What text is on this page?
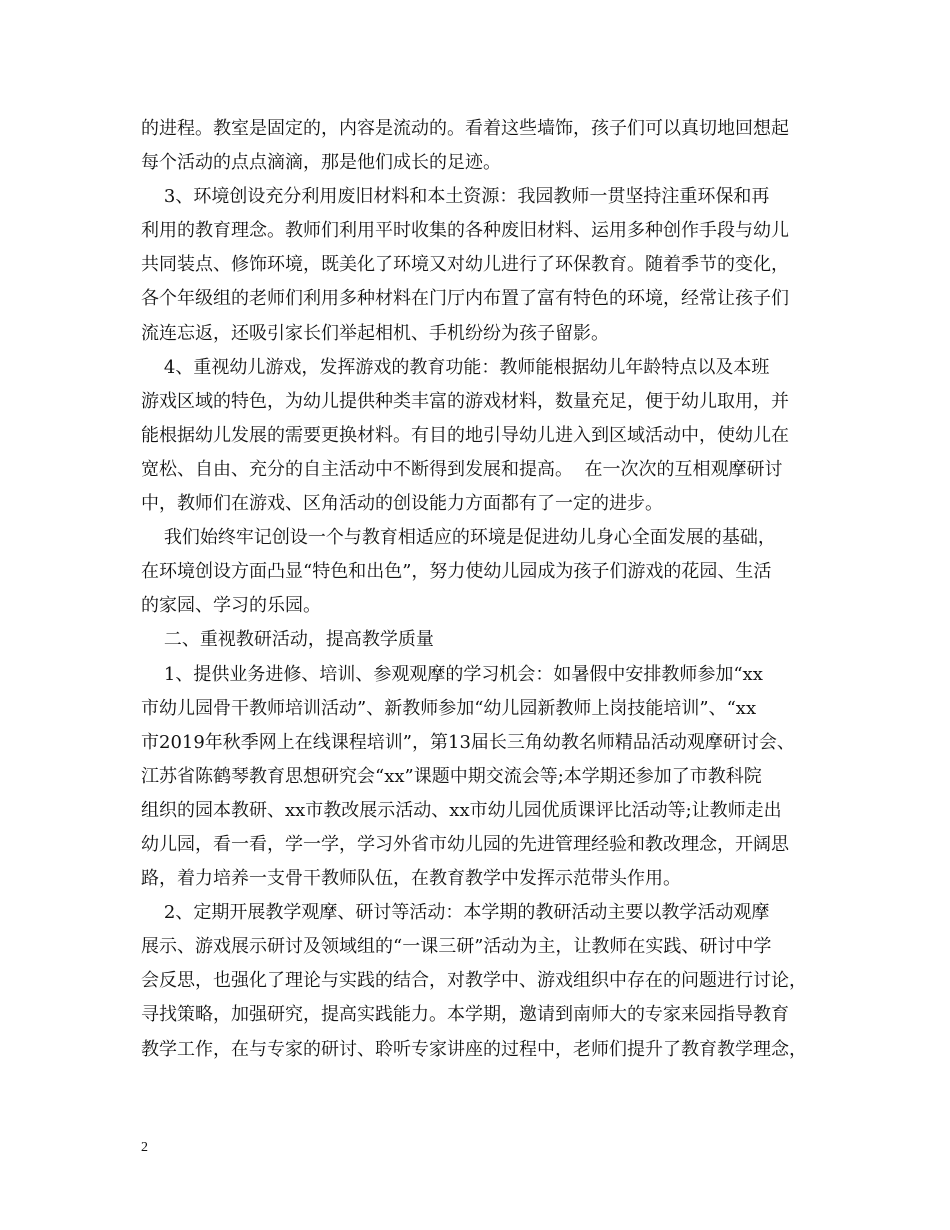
的进程。教室是固定的，内容是流动的。看着这些墙饰，孩子们可以真切地回想起
每个活动的点点滴滴，那是他们成长的足迹。
3、环境创设充分利用废旧材料和本土资源：我园教师一贯坚持注重环保和再
利用的教育理念。教师们利用平时收集的各种废旧材料、运用多种创作手段与幼儿
共同装点、修饰环境，既美化了环境又对幼儿进行了环保教育。随着季节的变化，
各个年级组的老师们利用多种材料在门厅内布置了富有特色的环境，经常让孩子们
流连忘返，还吸引家长们举起相机、手机纷纷为孩子留影。
4、重视幼儿游戏，发挥游戏的教育功能：教师能根据幼儿年龄特点以及本班
游戏区域的特色，为幼儿提供种类丰富的游戏材料，数量充足，便于幼儿取用，并
能根据幼儿发展的需要更换材料。有目的地引导幼儿进入到区域活动中，使幼儿在
宽松、自由、充分的自主活动中不断得到发展和提高。  在一次次的互相观摩研讨
中，教师们在游戏、区角活动的创设能力方面都有了一定的进步。
我们始终牢记创设一个与教育相适应的环境是促进幼儿身心全面发展的基础，
在环境创设方面凸显“特色和出色”，努力使幼儿园成为孩子们游戏的花园、生活
的家园、学习的乐园。
二、重视教研活动，提高教学质量
1、提供业务进修、培训、参观观摩的学习机会：如暑假中安排教师参加“xx
市幼儿园骨干教师培训活动”、新教师参加“幼儿园新教师上岗技能培训”、“xx
市2019年秋季网上在线课程培训”，第13届长三角幼教名师精品活动观摩研讨会、
江苏省陈鹤琴教育思想研究会“xx”课题中期交流会等;本学期还参加了市教科院
组织的园本教研、xx市教改展示活动、xx市幼儿园优质课评比活动等;让教师走出
幼儿园，看一看，学一学，学习外省市幼儿园的先进管理经验和教改理念，开阔思
路，着力培养一支骨干教师队伍，在教育教学中发挥示范带头作用。
2、定期开展教学观摩、研讨等活动：本学期的教研活动主要以教学活动观摩
展示、游戏展示研讨及领域组的“一课三研”活动为主，让教师在实践、研讨中学
会反思，也强化了理论与实践的结合，对教学中、游戏组织中存在的问题进行讨论，
寻找策略，加强研究，提高实践能力。本学期，邀请到南师大的专家来园指导教育
教学工作，在与专家的研讨、聆听专家讲座的过程中，老师们提升了教育教学理念，
2
